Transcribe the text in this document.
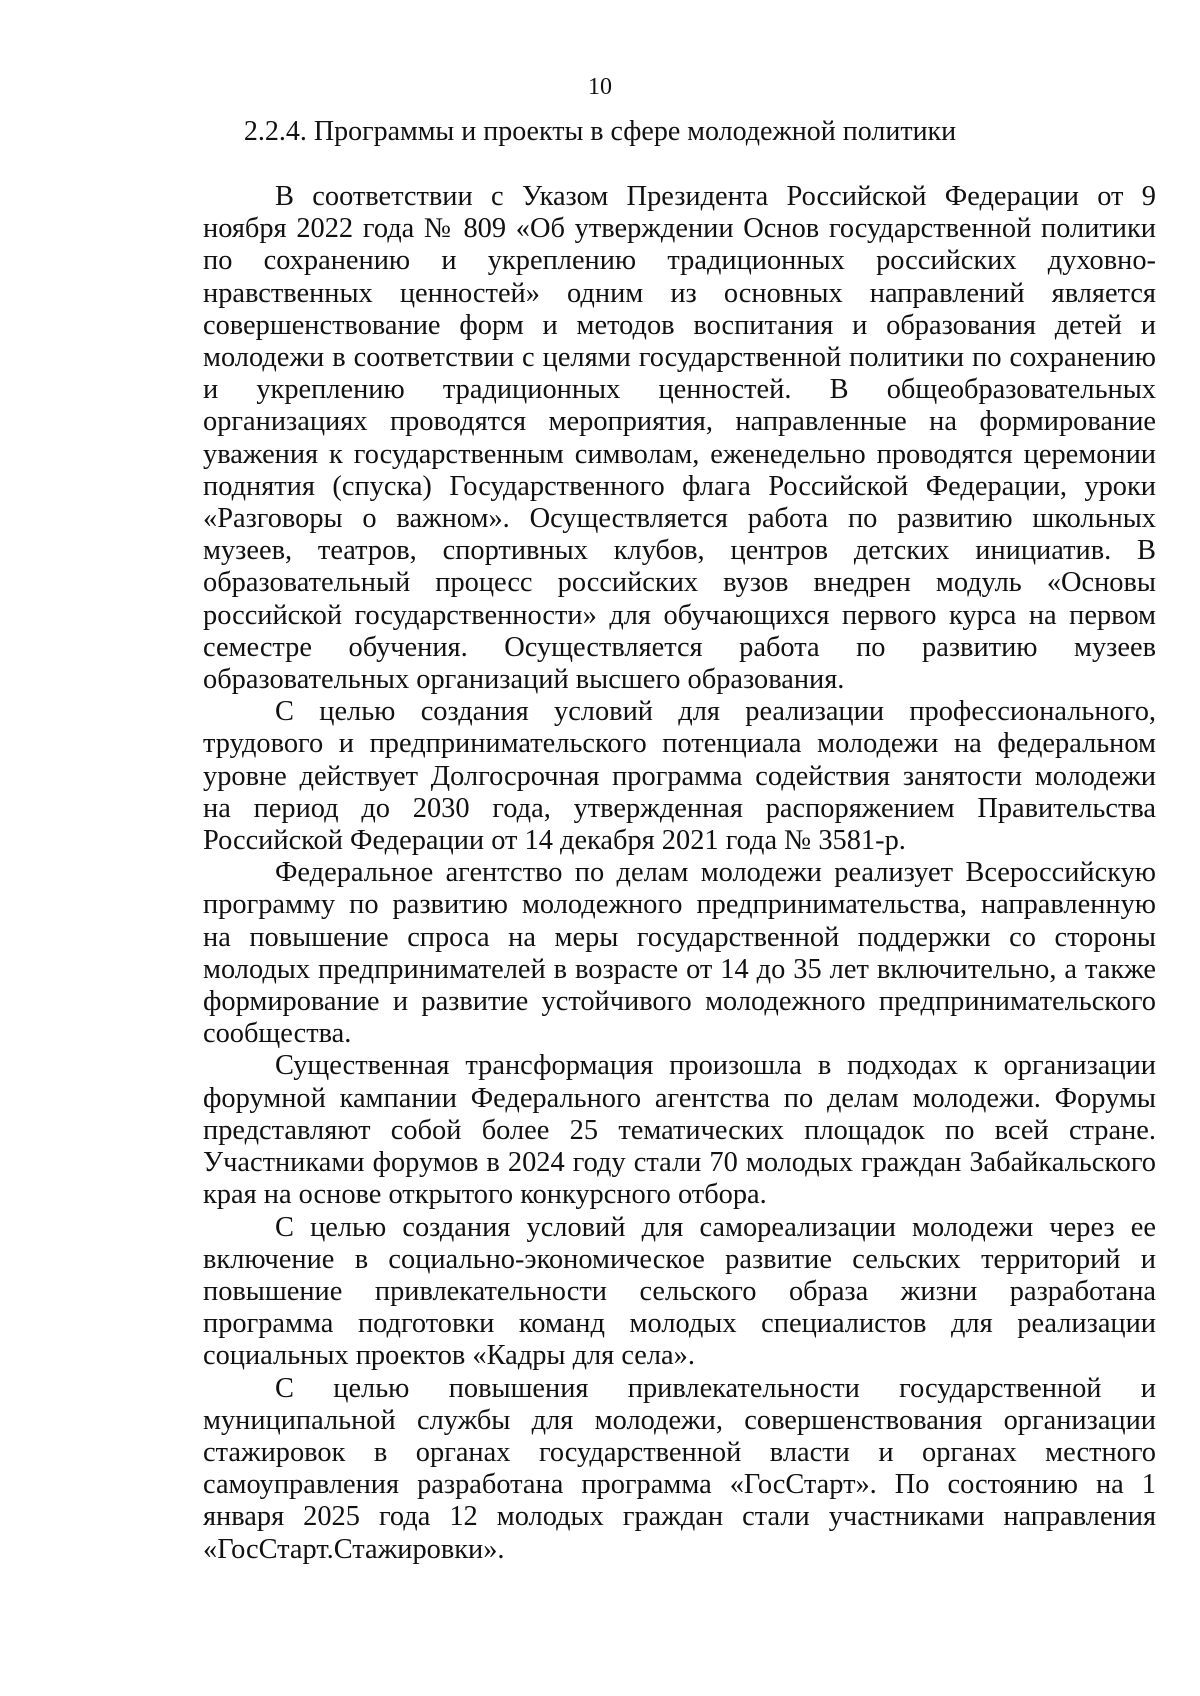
10
2.2.4. Программы и проекты в сфере молодежной политики

В соответствии с Указом Президента Российской Федерации от 9 ноября 2022 года № 809 «Об утверждении Основ государственной политики по сохранению и укреплению традиционных российских духовно-нравственных ценностей» одним из основных направлений является совершенствование форм и методов воспитания и образования детей и молодежи в соответствии с целями государственной политики по сохранению и укреплению традиционных ценностей. В общеобразовательных организациях проводятся мероприятия, направленные на формирование уважения к государственным символам, еженедельно проводятся церемонии поднятия (спуска) Государственного флага Российской Федерации, уроки «Разговоры о важном». Осуществляется работа по развитию школьных музеев, театров, спортивных клубов, центров детских инициатив. В образовательный процесс российских вузов внедрен модуль «Основы российской государственности» для обучающихся первого курса на первом семестре обучения. Осуществляется работа по развитию музеев образовательных организаций высшего образования.

С целью создания условий для реализации профессионального, трудового и предпринимательского потенциала молодежи на федеральном уровне действует Долгосрочная программа содействия занятости молодежи на период до 2030 года, утвержденная распоряжением Правительства Российской Федерации от 14 декабря 2021 года № 3581-р.

Федеральное агентство по делам молодежи реализует Всероссийскую программу по развитию молодежного предпринимательства, направленную на повышение спроса на меры государственной поддержки со стороны молодых предпринимателей в возрасте от 14 до 35 лет включительно, а также формирование и развитие устойчивого молодежного предпринимательского сообщества.

Существенная трансформация произошла в подходах к организации форумной кампании Федерального агентства по делам молодежи. Форумы представляют собой более 25 тематических площадок по всей стране. Участниками форумов в 2024 году стали 70 молодых граждан Забайкальского края на основе открытого конкурсного отбора.

С целью создания условий для самореализации молодежи через ее включение в социально-экономическое развитие сельских территорий и повышение привлекательности сельского образа жизни разработана программа подготовки команд молодых специалистов для реализации социальных проектов «Кадры для села».

С целью повышения привлекательности государственной и муниципальной службы для молодежи, совершенствования организации стажировок в органах государственной власти и органах местного самоуправления разработана программа «ГосСтарт». По состоянию на 1 января 2025 года 12 молодых граждан стали участниками направления «ГосСтарт.Стажировки».
